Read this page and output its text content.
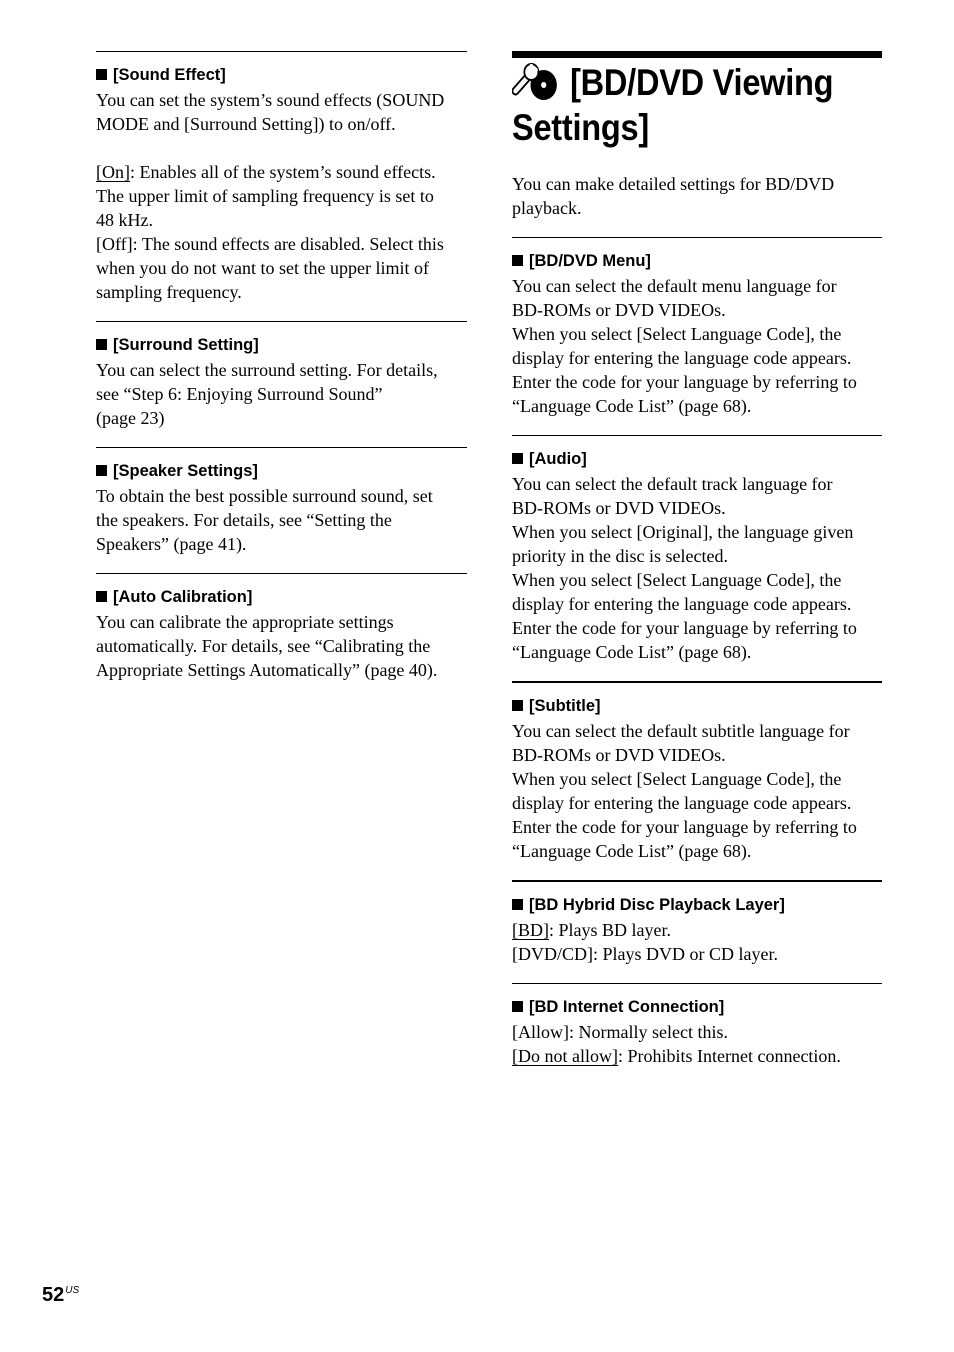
[Sound Effect]

You can set the system’s sound effects (SOUND
MODE and [Surround Setting]) to on/off.

[On]: Enables all of the system’s sound effects.
The upper limit of sampling frequency is set to
48 kHz.
[Off]: The sound effects are disabled. Select this
when you do not want to set the upper limit of
sampling frequency.

[Surround Setting]

You can select the surround setting. For details,
see “Step 6: Enjoying Surround Sound”
(page 23)

[Speaker Settings]

To obtain the best possible surround sound, set
the speakers. For details, see “Setting the
Speakers” (page 41).

[Auto Calibration]

You can calibrate the appropriate settings
automatically. For details, see “Calibrating the
Appropriate Settings Automatically” (page 40).

[BD/DVD Viewing
Settings]

You can make detailed settings for BD/DVD
playback.

[BD/DVD Menu]

You can select the default menu language for
BD-ROMs or DVD VIDEOs.
When you select [Select Language Code], the
display for entering the language code appears.
Enter the code for your language by referring to
“Language Code List” (page 68).

[Audio]

You can select the default track language for
BD-ROMs or DVD VIDEOs.
When you select [Original], the language given
priority in the disc is selected.
When you select [Select Language Code], the
display for entering the language code appears.
Enter the code for your language by referring to
“Language Code List” (page 68).

[Subtitle]

You can select the default subtitle language for
BD-ROMs or DVD VIDEOs.
When you select [Select Language Code], the
display for entering the language code appears.
Enter the code for your language by referring to
“Language Code List” (page 68).

[BD Hybrid Disc Playback Layer]

[BD]: Plays BD layer.
[DVD/CD]: Plays DVD or CD layer.

[BD Internet Connection]

[Allow]: Normally select this.
[Do not allow]: Prohibits Internet connection.

$52^{US}$
